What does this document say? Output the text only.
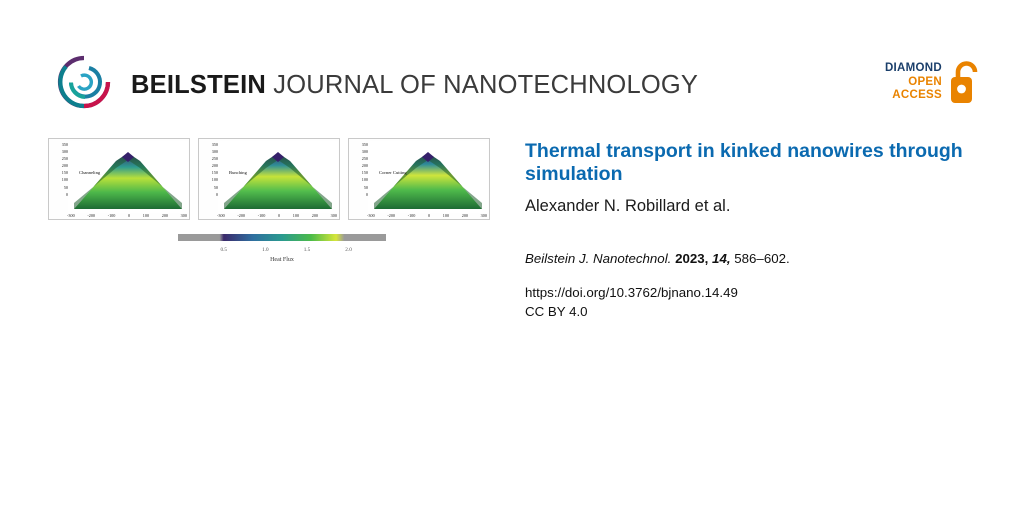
BEILSTEIN JOURNAL OF NANOTECHNOLOGY
DIAMOND
OPEN
ACCESS
350
300
250
200
150
100
50
0
Channeling
-300	-200	-100	0	100	200	300
350
300
250
200
150
100
50
0
Bunching
-300	-200	-100	0	100	200	300
350
300
250
200
150
100
50
0
Corner Cutting
-300	-200	-100	0	100	200	300
0.5	1.0	1.5	2.0
Heat Flux
Thermal transport in kinked nanowires through simulation
Alexander N. Robillard et al.
Beilstein J. Nanotechnol. 2023, 14, 586–602.
https://doi.org/10.3762/bjnano.14.49
CC BY 4.0
